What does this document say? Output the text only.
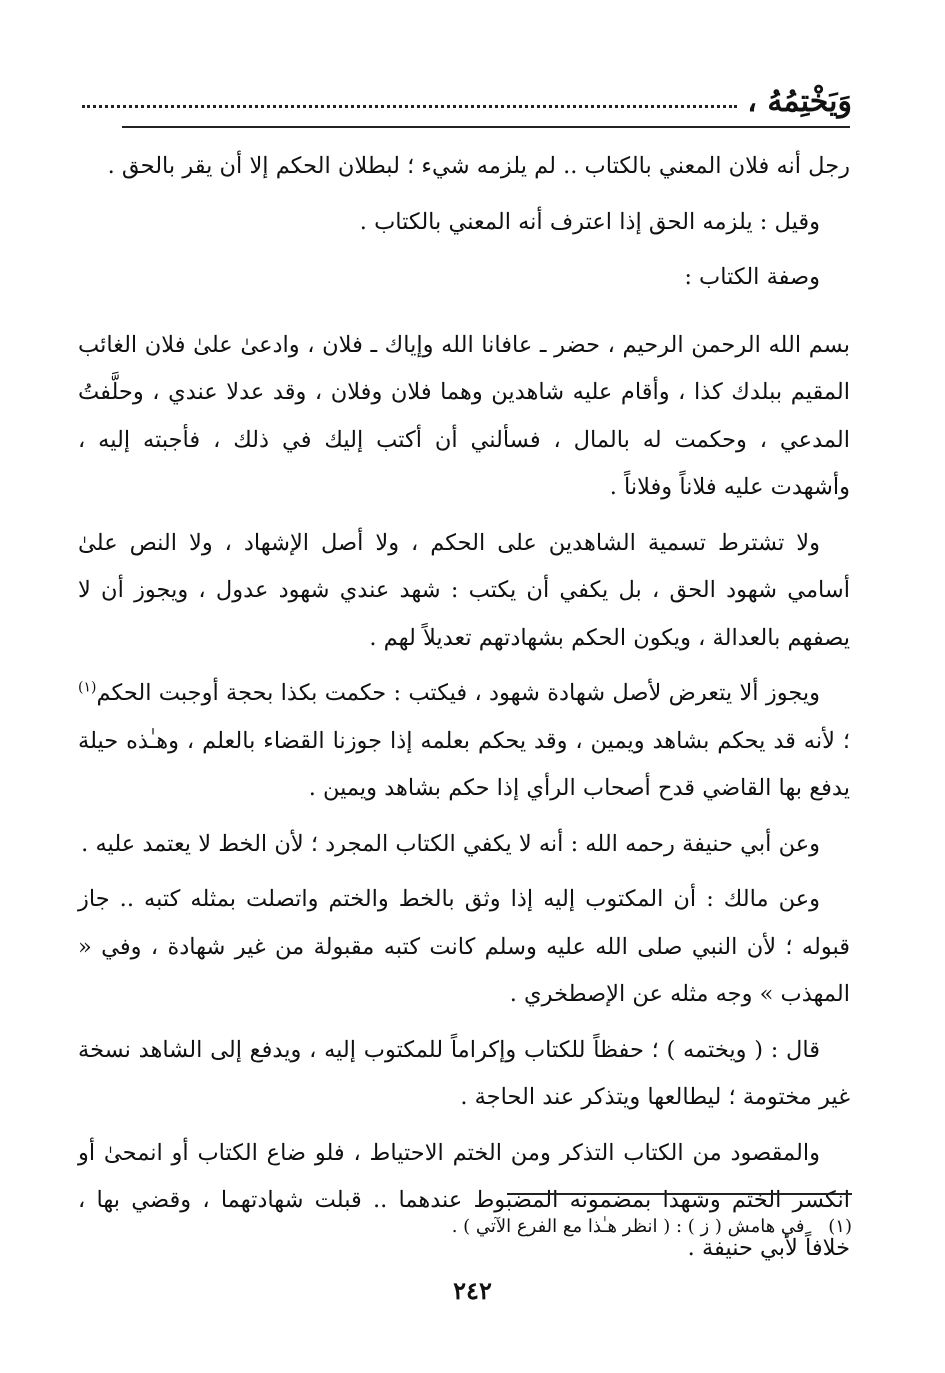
وَيَخْتِمُهُ ،

رجل أنه فلان المعني بالكتاب .. لم يلزمه شيء ؛ لبطلان الحكم إلا أن يقر بالحق .

وقيل : يلزمه الحق إذا اعترف أنه المعني بالكتاب .

وصفة الكتاب :

بسم الله الرحمن الرحيم ، حضر ـ عافانا الله وإياك ـ فلان ، وادعىٰ علىٰ فلان الغائب المقيم ببلدك كذا ، وأقام عليه شاهدين وهما فلان وفلان ، وقد عدلا عندي ، وحلَّفتُ المدعي ، وحكمت له بالمال ، فسألني أن أكتب إليك في ذلك ، فأجبته إليه ، وأشهدت عليه فلاناً وفلاناً .

ولا تشترط تسمية الشاهدين على الحكم ، ولا أصل الإشهاد ، ولا النص علىٰ أسامي شهود الحق ، بل يكفي أن يكتب : شهد عندي شهود عدول ، ويجوز أن لا يصفهم بالعدالة ، ويكون الحكم بشهادتهم تعديلاً لهم .

ويجوز ألا يتعرض لأصل شهادة شهود ، فيكتب : حكمت بكذا بحجة أوجبت الحكم$^{(١)}$ ؛ لأنه قد يحكم بشاهد ويمين ، وقد يحكم بعلمه إذا جوزنا القضاء بالعلم ، وهـٰذه حيلة يدفع بها القاضي قدح أصحاب الرأي إذا حكم بشاهد ويمين .

وعن أبي حنيفة رحمه الله : أنه لا يكفي الكتاب المجرد ؛ لأن الخط لا يعتمد عليه .

وعن مالك : أن المكتوب إليه إذا وثق بالخط والختم واتصلت بمثله كتبه .. جاز قبوله ؛ لأن النبي صلى الله عليه وسلم كانت كتبه مقبولة من غير شهادة ، وفي « المهذب » وجه مثله عن الإصطخري .

قال : ( ويختمه ) ؛ حفظاً للكتاب وإكراماً للمكتوب إليه ، ويدفع إلى الشاهد نسخة غير مختومة ؛ ليطالعها ويتذكر عند الحاجة .

والمقصود من الكتاب التذكر ومن الختم الاحتياط ، فلو ضاع الكتاب أو انمحىٰ أو انكسر الختم وشهدا بمضمونه المضبوط عندهما .. قبلت شهادتهما ، وقضي بها ، خلافاً لأبي حنيفة .

(١) في هامش ( ز ) : ( انظر هـٰذا مع الفرع الآتي ) .
٢٤٢
